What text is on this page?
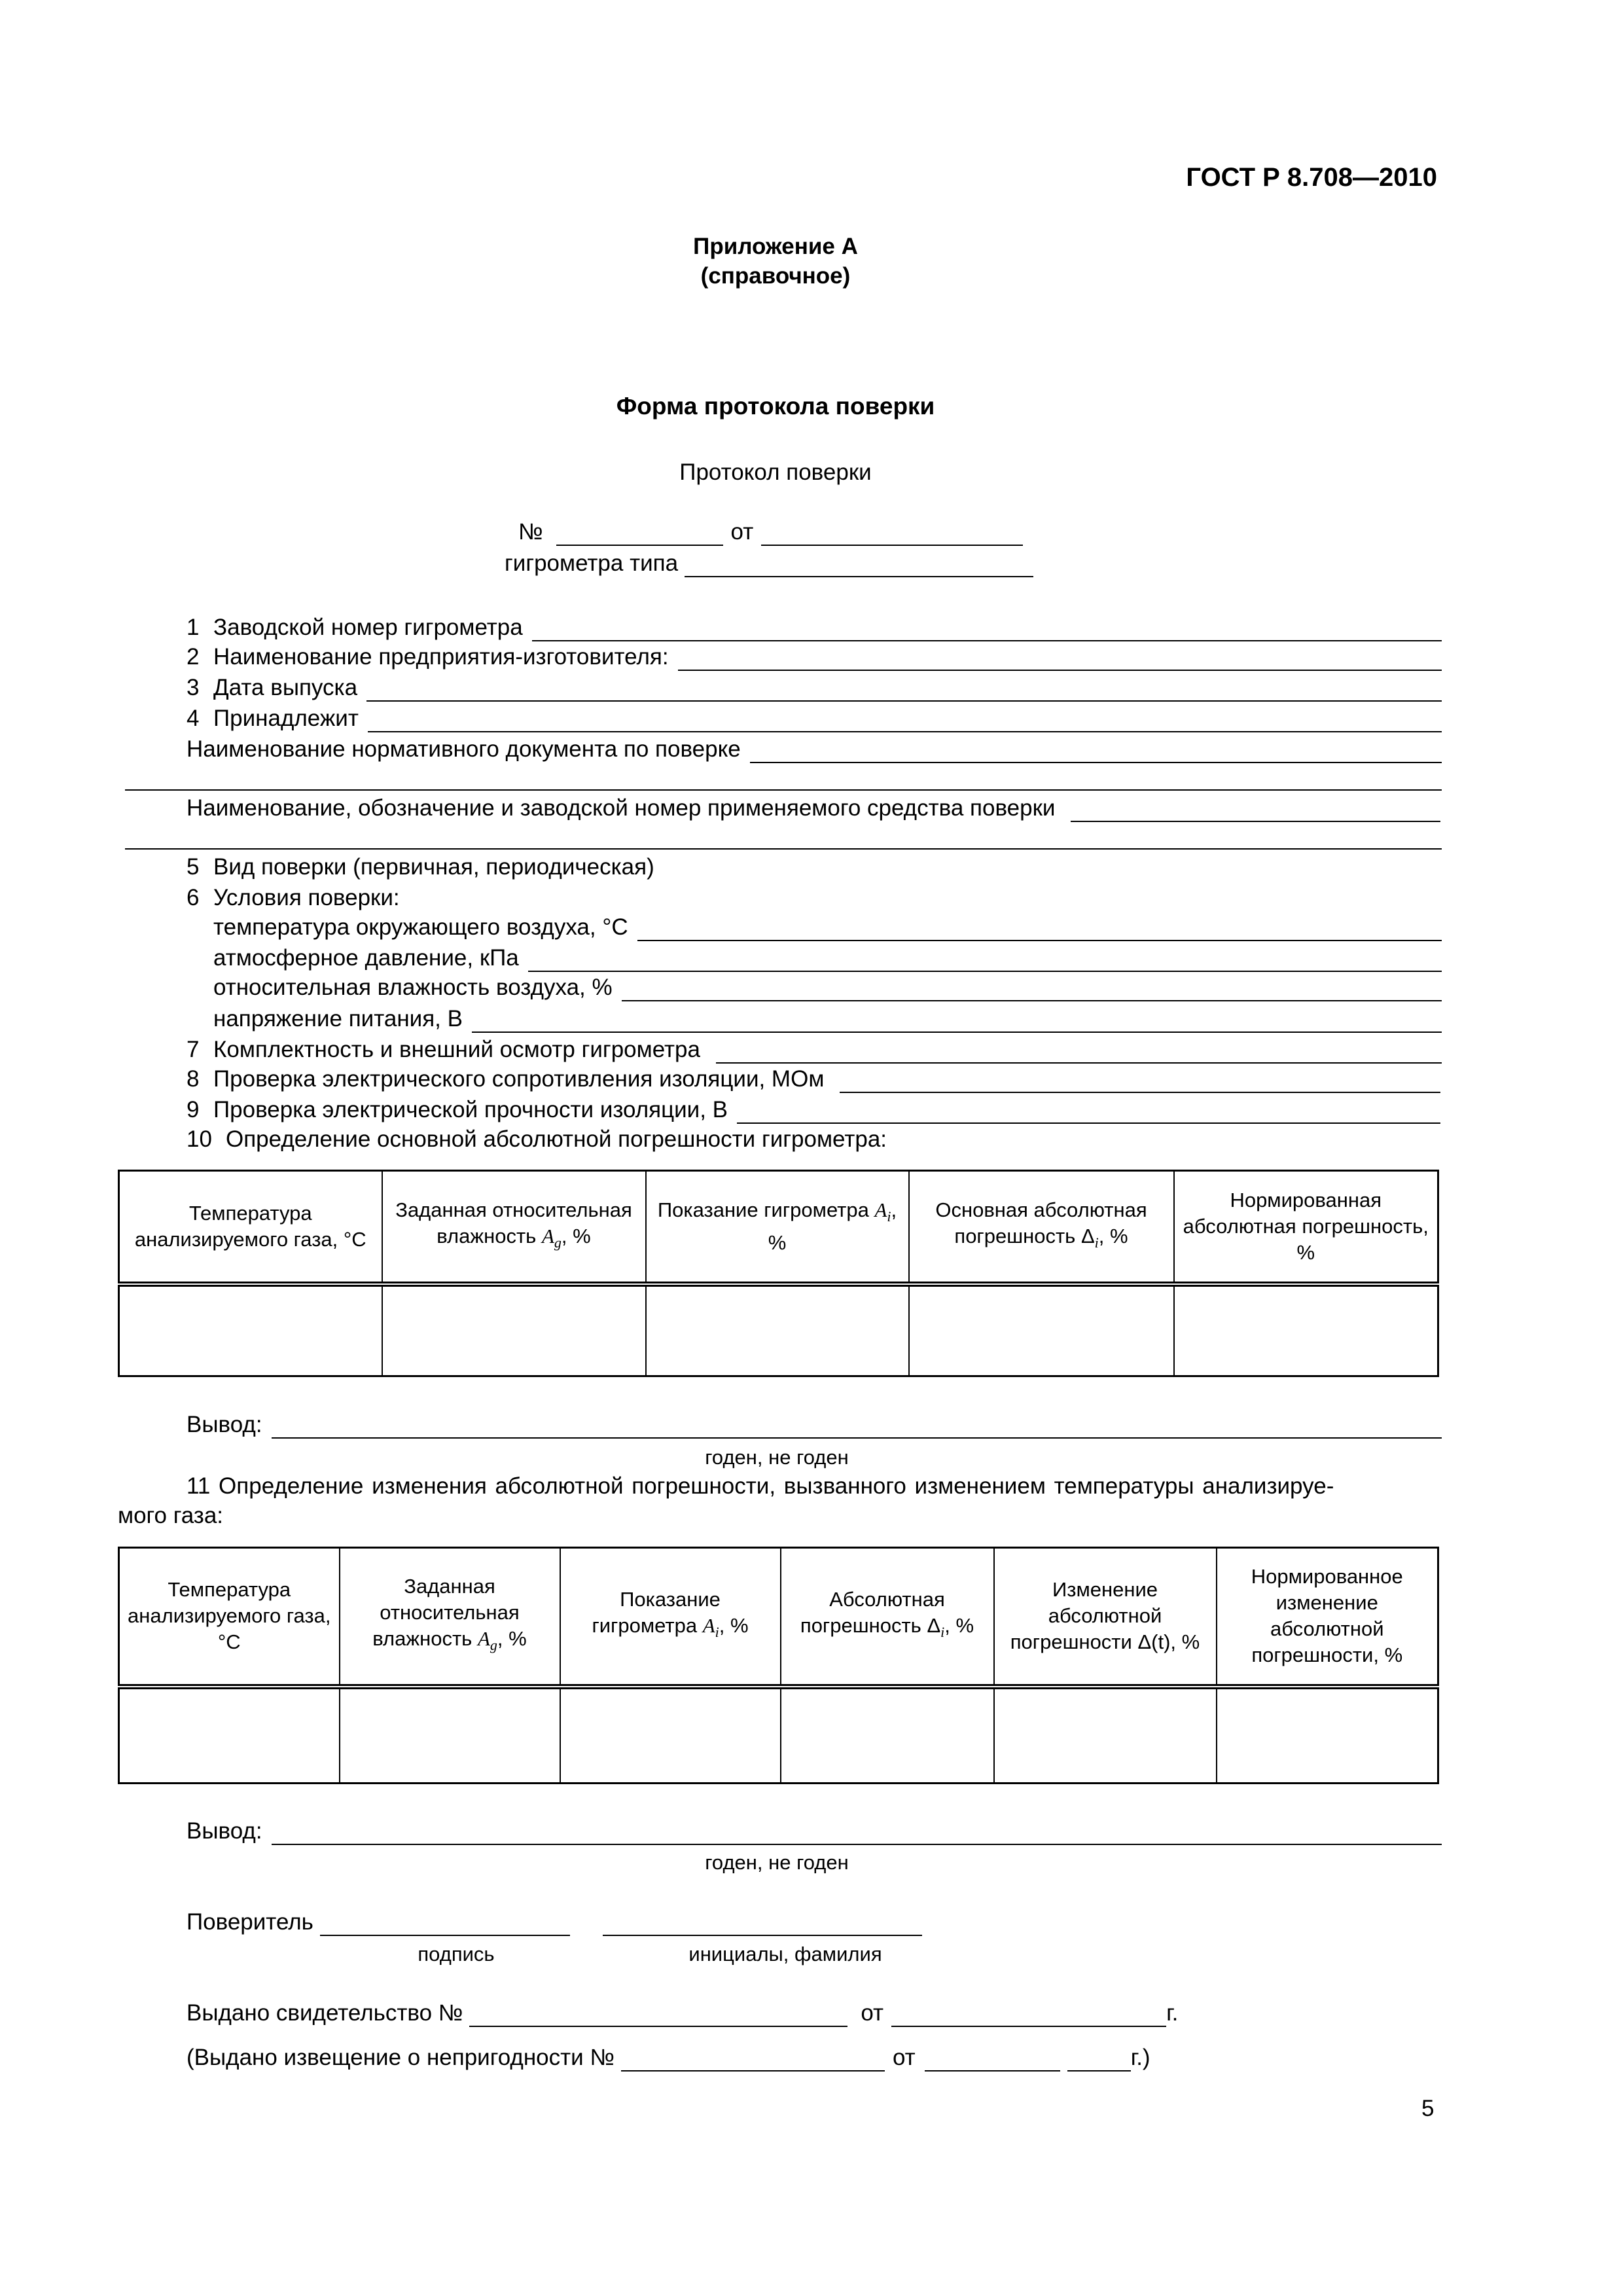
ГОСТ Р 8.708—2010
Приложение А
(справочное)
Форма протокола поверки
Протокол поверки
№	от
гигрометра типа
1 Заводской номер гигрометра
2 Наименование предприятия-изготовителя:
3 Дата выпуска
4 Принадлежит
Наименование нормативного документа по поверке
Наименование, обозначение и заводской номер применяемого средства поверки
5 Вид поверки (первичная, периодическая)
6 Условия поверки:
температура окружающего воздуха, °С
атмосферное давление, кПа
относительная влажность воздуха, %
напряжение питания, В
7 Комплектность и внешний осмотр гигрометра
8 Проверка электрического сопротивления изоляции, МОм
9 Проверка электрической прочности изоляции, В
10 Определение основной абсолютной погрешности гигрометра:
Температура анализируемого газа, °С	Заданная относительная влажность $A_g$, %	Показание гигрометра $A_i$, %	Основная абсолютная погрешность $\Delta_i$, %	Нормированная абсолютная погрешность, %

Вывод:
годен, не годен
11 Определение изменения абсолютной погрешности, вызванного изменением температуры анализируе-
мого газа:
Температура анализируемого газа, °С	Заданная относительная влажность $A_g$, %	Показание гигрометра $A_i$, %	Абсолютная погрешность $\Delta_i$, %	Изменение абсолютной погрешности Δ(t), %	Нормированное изменение абсолютной погрешности, %

Вывод:
годен, не годен
Поверитель
подпись	инициалы, фамилия
Выдано свидетельство №	от	г.
(Выдано извещение о непригодности №	от	г.)
5
